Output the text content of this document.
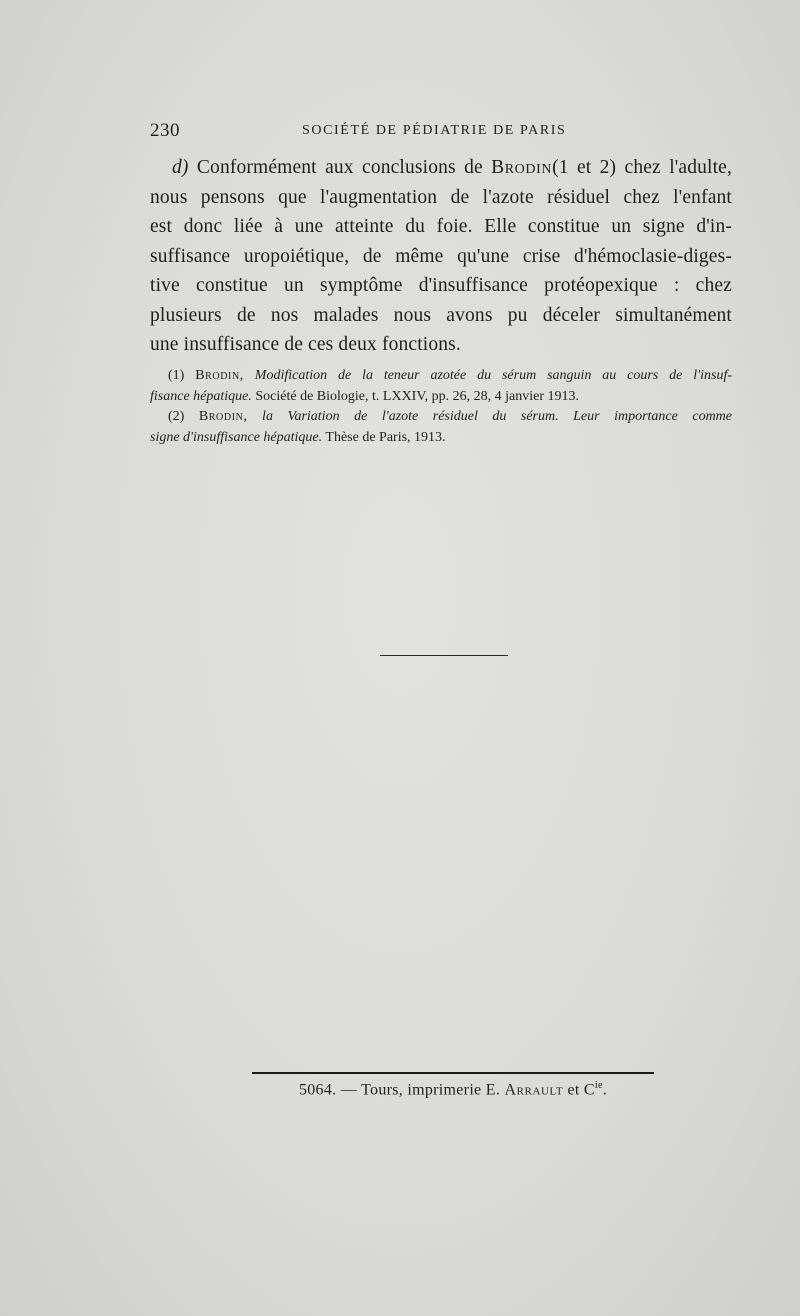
230	SOCIÉTÉ DE PÉDIATRIE DE PARIS

d) Conformément aux conclusions de Brodin(1 et 2) chez l'adulte,
nous pensons que l'augmentation de l'azote résiduel chez l'enfant
est donc liée à une atteinte du foie. Elle constitue un signe d'in-
suffisance uropoiétique, de même qu'une crise d'hémoclasie-diges-
tive constitue un symptôme d'insuffisance protéopexique : chez
plusieurs de nos malades nous avons pu déceler simultanément
une insuffisance de ces deux fonctions.

(1) Brodin, Modification de la teneur azotée du sérum sanguin au cours de l'insuf-
fisance hépatique. Société de Biologie, t. LXXIV, pp. 26, 28, 4 janvier 1913.
(2) Brodin, la Variation de l'azote résiduel du sérum. Leur importance comme
signe d'insuffisance hépatique. Thèse de Paris, 1913.
5064. — Tours, imprimerie E. Arrault et $C^{ie}$.
